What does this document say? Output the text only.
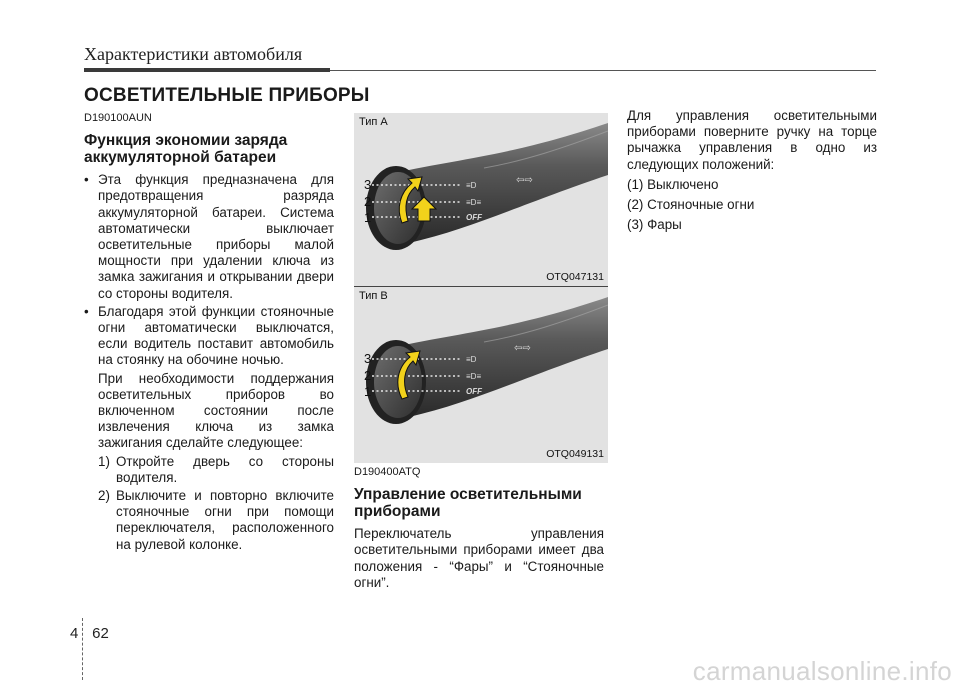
Характеристики автомобиля
ОСВЕТИТЕЛЬНЫЕ ПРИБОРЫ
D190100AUN
Функция экономии заряда аккумуляторной батареи
• Эта функция предназначена для предотвращения разряда аккумуляторной батареи. Система автоматически выключает осветительные приборы малой мощности при удалении ключа из замка зажигания и открывании двери со стороны водителя.
• Благодаря этой функции стояночные огни автоматически выключатся, если водитель поставит автомобиль на стоянку на обочине ночью.
При необходимости поддержания осветительных приборов во включенном состоянии после извлечения ключа из замка зажигания сделайте следующее:
1) Откройте дверь со стороны водителя.
2) Выключите и повторно включите стояночные огни при помощи переключателя, расположенного на рулевой колонке.
3
2
1
≡D
≡D≡
OFF
⇦⇨
Тип A
OTQ047131
3
2
1
≡D
≡D≡
OFF
⇦⇨
Тип B
OTQ049131
D190400ATQ
Управление осветительными приборами
Переключатель управления осветительными приборами имеет два положения - “Фары” и “Стояночные огни”.
Для управления осветительными приборами поверните ручку на торце рычажка управления в одно из следующих положений:
(1) Выключено
(2) Стояночные огни
(3) Фары
4 62
carmanualsonline.info
